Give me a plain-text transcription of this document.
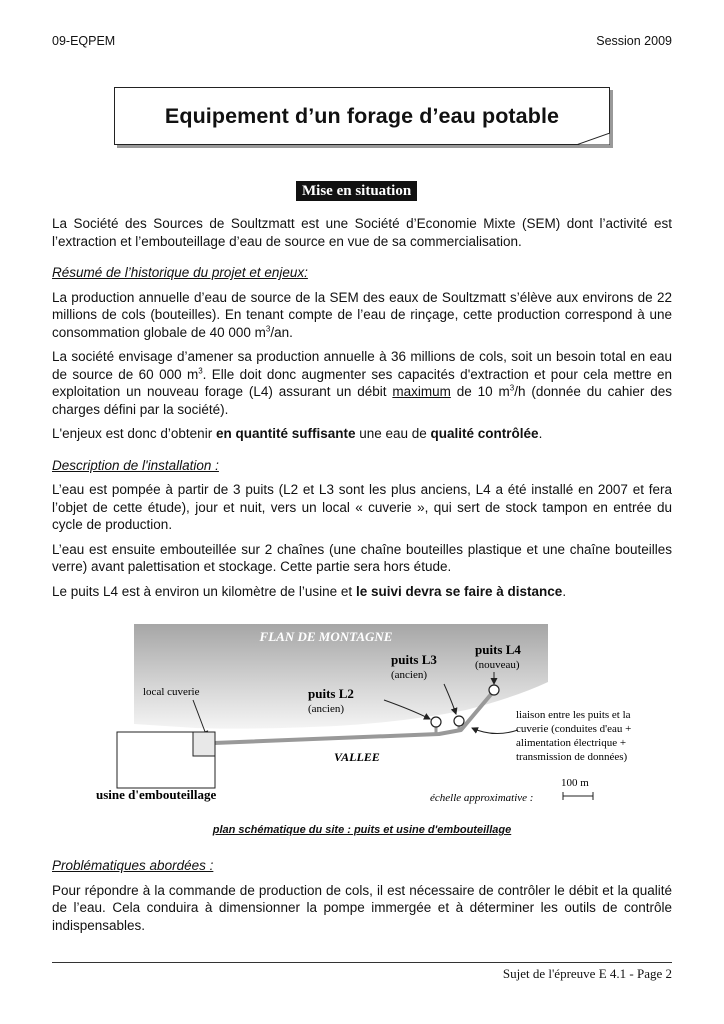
09-EQPEM	Session 2009
Equipement d’un forage d’eau potable
Mise en situation

La Société des Sources de Soultzmatt est une Société d’Economie Mixte (SEM) dont l’activité est l’extraction et l’embouteillage d’eau de source en vue de sa commercialisation.

Résumé de l’historique du projet et enjeux:

La production annuelle d’eau de source de la SEM des eaux de Soultzmatt s’élève aux environs de 22 millions de cols (bouteilles). En tenant compte de l’eau de rinçage, cette production correspond à une consommation globale de 40 000 $m^3/an$.

La société envisage d’amener sa production annuelle à 36 millions de cols, soit un besoin total en eau de source de 60 000 $m^3$. Elle doit donc augmenter ses capacités d'extraction et pour cela mettre en exploitation un nouveau forage (L4) assurant un débit maximum de 10 $m^3/h$ (donnée du cahier des charges défini par la société).

L'enjeux est donc d’obtenir en quantité suffisante une eau de qualité contrôlée.

Description de l'installation :

L’eau est pompée à partir de 3 puits (L2 et L3 sont les plus anciens, L4 a été installé en 2007 et fera l’objet de cette étude), jour et nuit, vers un local « cuverie », qui sert de stock tampon en entrée du cycle de production.

L’eau est ensuite embouteillée sur 2 chaînes (une chaîne bouteilles plastique et une chaîne bouteilles verre) avant palettisation et stockage. Cette partie sera hors étude.

Le puits L4 est à environ un kilomètre de l’usine et le suivi devra se faire à distance.

FLAN DE MONTAGNE
puits L4
(nouveau)
puits L3
(ancien)
puits L2
(ancien)
local cuverie
usine d'embouteillage
VALLEE
liaison entre les puits et la
cuverie (conduites d'eau +
alimentation électrique +
transmission de données)
100 m
échelle approximative :
plan schématique du site : puits et usine d'embouteillage

Problématiques abordées :

Pour répondre à la commande de production de cols, il est nécessaire de contrôler le débit et la qualité de l’eau. Cela conduira à dimensionner la pompe immergée et à déterminer les outils de contrôle indispensables.

Sujet de l'épreuve E 4.1 - Page 2
